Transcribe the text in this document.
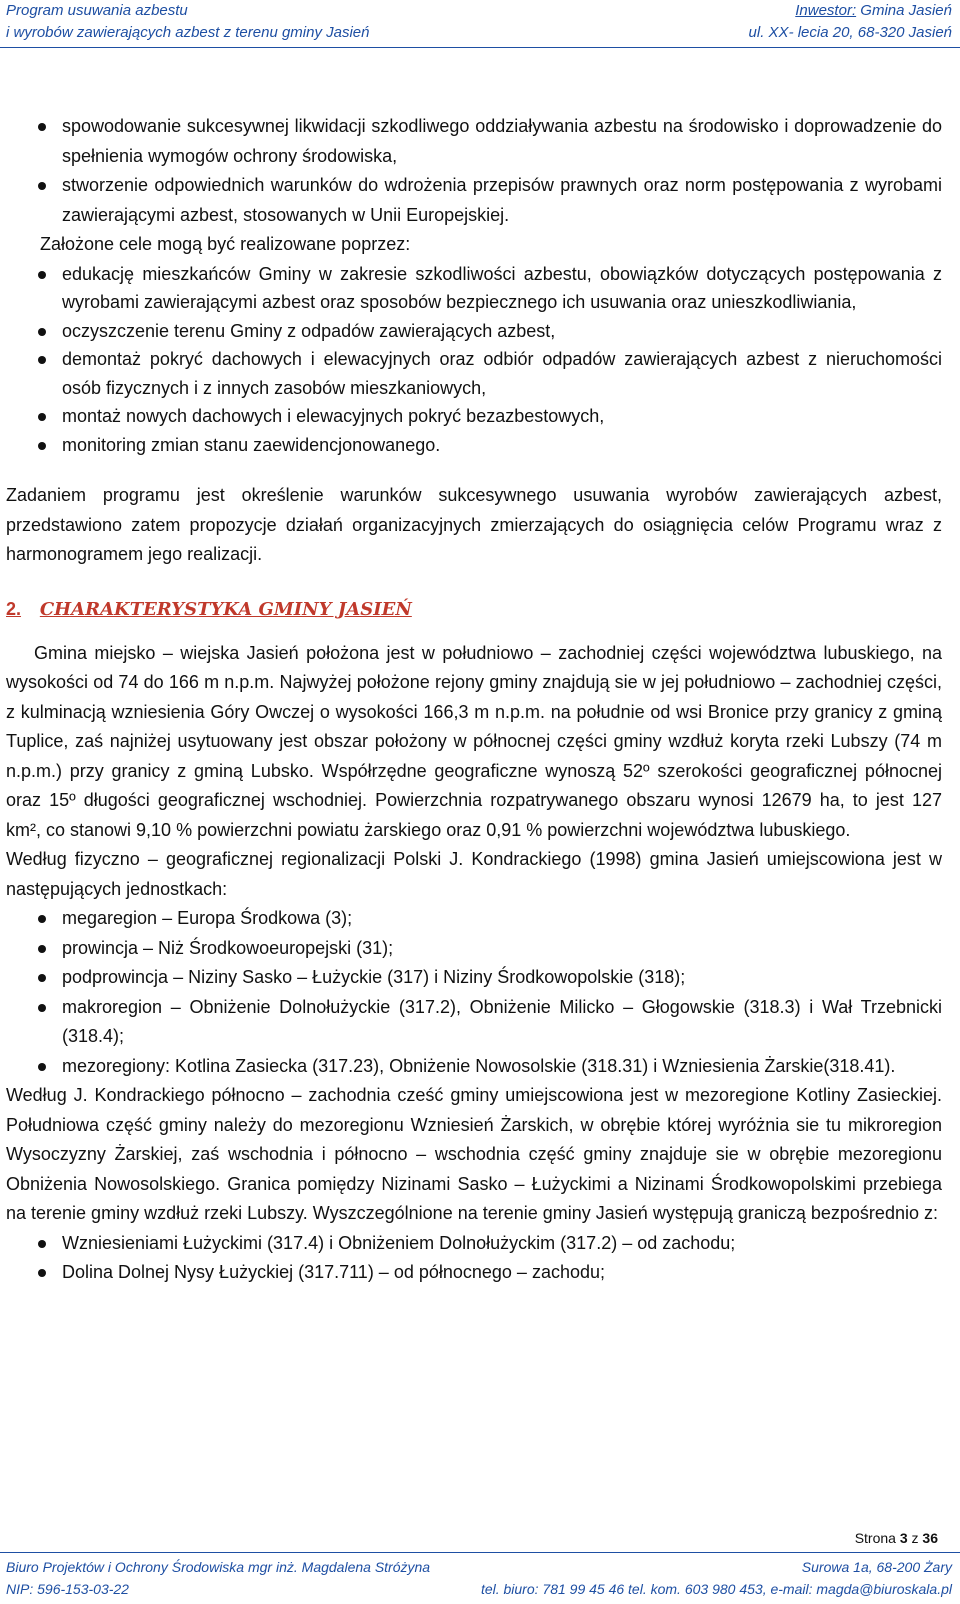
Program usuwania azbestu
i wyrobów zawierających azbest z terenu gminy Jasień
Inwestor: Gmina Jasień
ul. XX- lecia 20, 68-320 Jasień
spowodowanie sukcesywnej likwidacji szkodliwego oddziaływania azbestu na środowisko i doprowadzenie do spełnienia wymogów ochrony środowiska,
stworzenie odpowiednich warunków do wdrożenia przepisów prawnych oraz norm postępowania z wyrobami zawierającymi azbest, stosowanych w Unii Europejskiej.

Założone cele mogą być realizowane poprzez:

edukację mieszkańców Gminy w zakresie szkodliwości azbestu, obowiązków dotyczących postępowania z wyrobami zawierającymi azbest oraz sposobów bezpiecznego ich usuwania oraz unieszkodliwiania,
oczyszczenie terenu Gminy z odpadów zawierających azbest,
demontaż pokryć dachowych i elewacyjnych oraz odbiór odpadów zawierających azbest z nieruchomości osób fizycznych i z innych zasobów mieszkaniowych,
montaż nowych dachowych i elewacyjnych pokryć bezazbestowych,
monitoring zmian stanu zaewidencjonowanego.

Zadaniem programu jest określenie warunków sukcesywnego usuwania wyrobów zawierających azbest, przedstawiono zatem propozycje działań organizacyjnych zmierzających do osiągnięcia celów Programu wraz z harmonogramem jego realizacji.

2. CHARAKTERYSTYKA GMINY JASIEŃ

Gmina miejsko – wiejska Jasień położona jest w południowo – zachodniej części województwa lubuskiego, na wysokości od 74 do 166 m n.p.m. Najwyżej położone rejony gminy znajdują sie w jej południowo – zachodniej części, z kulminacją wzniesienia Góry Owczej o wysokości 166,3 m n.p.m. na południe od wsi Bronice przy granicy z gminą Tuplice, zaś najniżej usytuowany jest obszar położony w północnej części gminy wzdłuż koryta rzeki Lubszy (74 m n.p.m.) przy granicy z gminą Lubsko. Współrzędne geograficzne wynoszą 52º szerokości geograficznej północnej oraz 15º długości geograficznej wschodniej. Powierzchnia rozpatrywanego obszaru wynosi 12679 ha, to jest 127 km², co stanowi 9,10 % powierzchni powiatu żarskiego oraz 0,91 % powierzchni województwa lubuskiego.

Według fizyczno – geograficznej regionalizacji Polski J. Kondrackiego (1998) gmina Jasień umiejscowiona jest w następujących jednostkach:

megaregion – Europa Środkowa (3);
prowincja – Niż Środkowoeuropejski (31);
podprowincja – Niziny Sasko – Łużyckie (317) i Niziny Środkowopolskie (318);
makroregion – Obniżenie Dolnołużyckie (317.2), Obniżenie Milicko – Głogowskie (318.3) i Wał Trzebnicki (318.4);
mezoregiony: Kotlina Zasiecka (317.23), Obniżenie Nowosolskie (318.31) i Wzniesienia Żarskie(318.41).

Według J. Kondrackiego północno – zachodnia cześć gminy umiejscowiona jest w mezoregione Kotliny Zasieckiej. Południowa część gminy należy do mezoregionu Wzniesień Żarskich, w obrębie której wyróżnia sie tu mikroregion Wysoczyzny Żarskiej, zaś wschodnia i północno – wschodnia część gminy znajduje sie w obrębie mezoregionu Obniżenia Nowosolskiego. Granica pomiędzy Nizinami Sasko – Łużyckimi a Nizinami Środkowopolskimi przebiega na terenie gminy wzdłuż rzeki Lubszy. Wyszczególnione na terenie gminy Jasień występują graniczą bezpośrednio z:

Wzniesieniami Łużyckimi (317.4) i Obniżeniem Dolnołużyckim (317.2) – od zachodu;
Dolina Dolnej Nysy Łużyckiej (317.711) – od północnego – zachodu;
Strona 3 z 36
Biuro Projektów i Ochrony Środowiska mgr inż. Magdalena Stróżyna
NIP: 596-153-03-22
Surowa 1a, 68-200 Żary
tel. biuro: 781 99 45 46 tel. kom. 603 980 453, e-mail: magda@biuroskala.pl
